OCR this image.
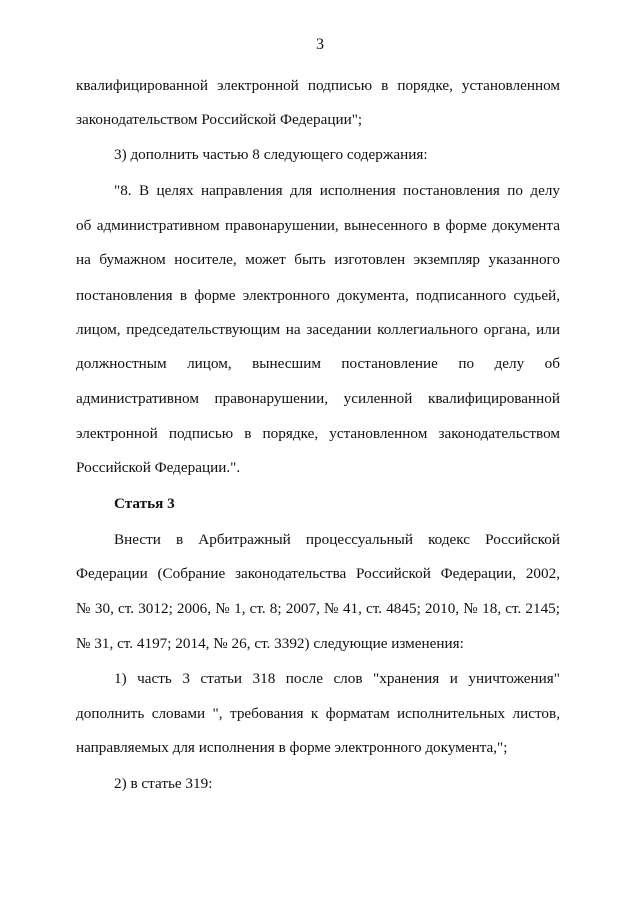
3
квалифицированной электронной подписью в порядке, установленном
законодательством Российской Федерации";
3) дополнить частью 8 следующего содержания:
"8. В целях направления для исполнения постановления по делу
об административном правонарушении, вынесенного в форме документа
на бумажном носителе, может быть изготовлен экземпляр указанного
постановления в форме электронного документа, подписанного судьей,
лицом, председательствующим на заседании коллегиального органа, или
должностным лицом, вынесшим постановление по делу об
административном правонарушении, усиленной квалифицированной
электронной подписью в порядке, установленном законодательством
Российской Федерации.".
Статья 3
Внести в Арбитражный процессуальный кодекс Российской
Федерации (Собрание законодательства Российской Федерации, 2002,
№ 30, ст. 3012; 2006, № 1, ст. 8; 2007, № 41, ст. 4845; 2010, № 18, ст. 2145;
№ 31, ст. 4197; 2014, № 26, ст. 3392) следующие изменения:
1) часть 3 статьи 318 после слов "хранения и уничтожения"
дополнить словами ", требования к форматам исполнительных листов,
направляемых для исполнения в форме электронного документа,";
2) в статье 319:
